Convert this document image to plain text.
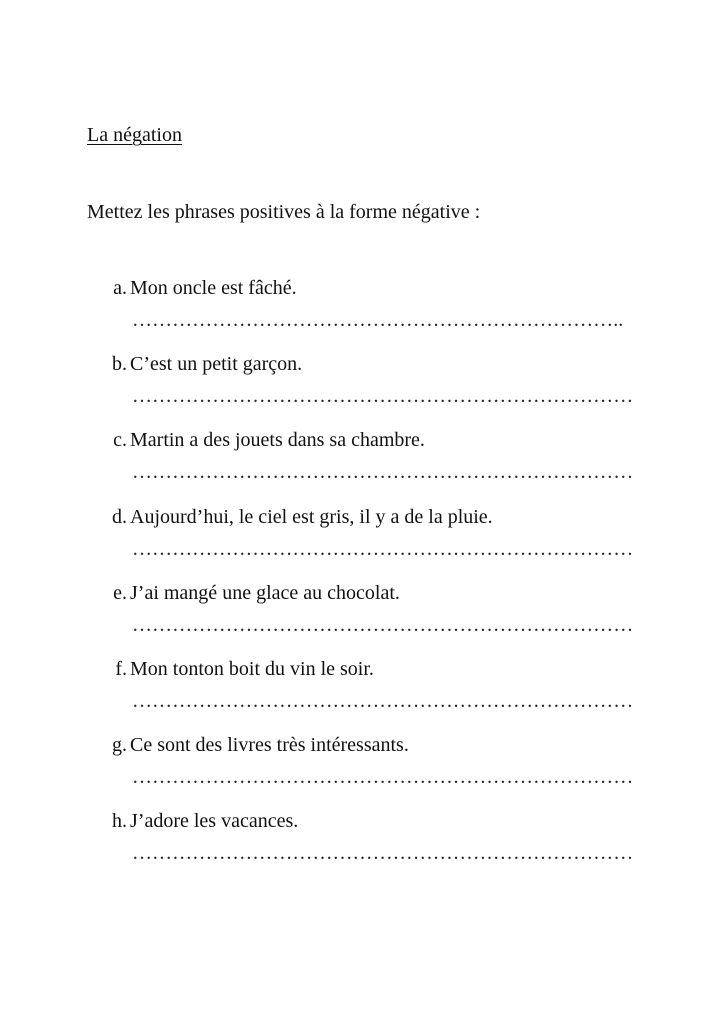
La négation

Mettez les phrases positives à la forme négative :

a. Mon oncle est fâché.
………………………………………………………………..
b. C’est un petit garçon.
…………………………………………………………………
c. Martin a des jouets dans sa chambre.
…………………………………………………………………
d. Aujourd’hui, le ciel est gris, il y a de la pluie.
…………………………………………………………………
e. J’ai mangé une glace au chocolat.
…………………………………………………………………
f. Mon tonton boit du vin le soir.
…………………………………………………………………
g. Ce sont des livres très intéressants.
…………………………………………………………………
h. J’adore les vacances.
…………………………………………………………………
